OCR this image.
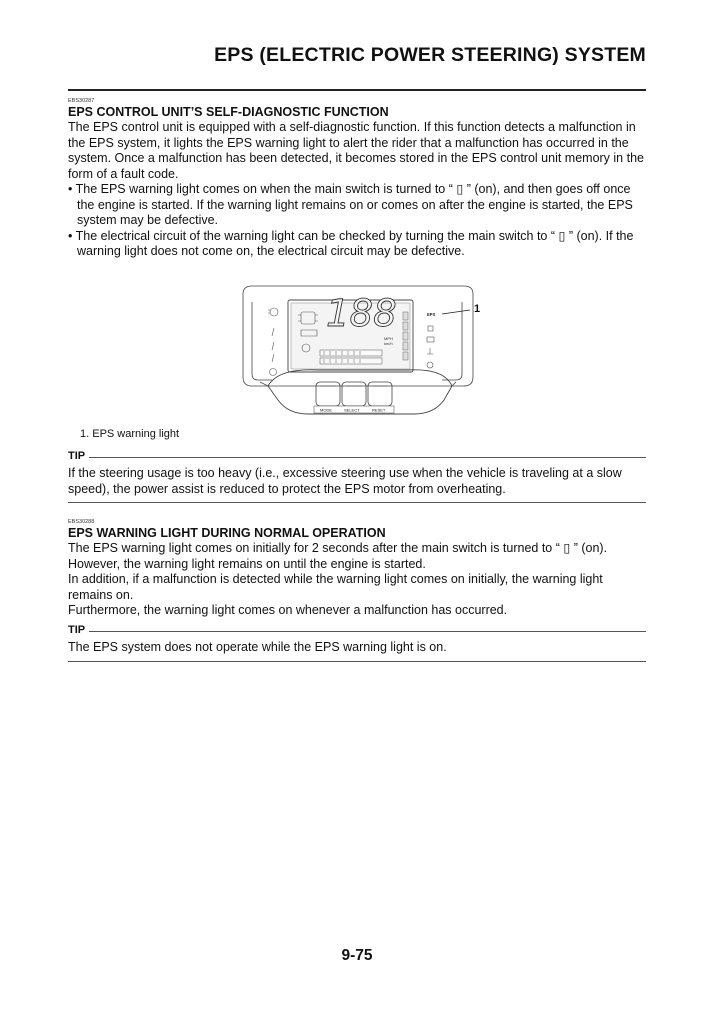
EPS (ELECTRIC POWER STEERING) SYSTEM
EBS30287
EPS CONTROL UNIT’S SELF-DIAGNOSTIC FUNCTION

The EPS control unit is equipped with a self-diagnostic function. If this function detects a malfunction in the EPS system, it lights the EPS warning light to alert the rider that a malfunction has occurred in the system. Once a malfunction has been detected, it becomes stored in the EPS control unit memory in the form of a fault code.

• The EPS warning light comes on when the main switch is turned to “ ▯ ” (on), and then goes off once the engine is started. If the warning light remains on or comes on after the engine is started, the EPS system may be defective.

• The electrical circuit of the warning light can be checked by turning the main switch to “ ▯ ” (on). If the warning light does not come on, the electrical circuit may be defective.

188
MPH
km/h
EPS	1
MODE	SELECT	RESET
1. EPS warning light
TIP

If the steering usage is too heavy (i.e., excessive steering use when the vehicle is traveling at a slow speed), the power assist is reduced to protect the EPS motor from overheating.

EBS30288
EPS WARNING LIGHT DURING NORMAL OPERATION

The EPS warning light comes on initially for 2 seconds after the main switch is turned to “ ▯ ” (on). However, the warning light remains on until the engine is started.

In addition, if a malfunction is detected while the warning light comes on initially, the warning light remains on.

Furthermore, the warning light comes on whenever a malfunction has occurred.

TIP

The EPS system does not operate while the EPS warning light is on.

9-75
